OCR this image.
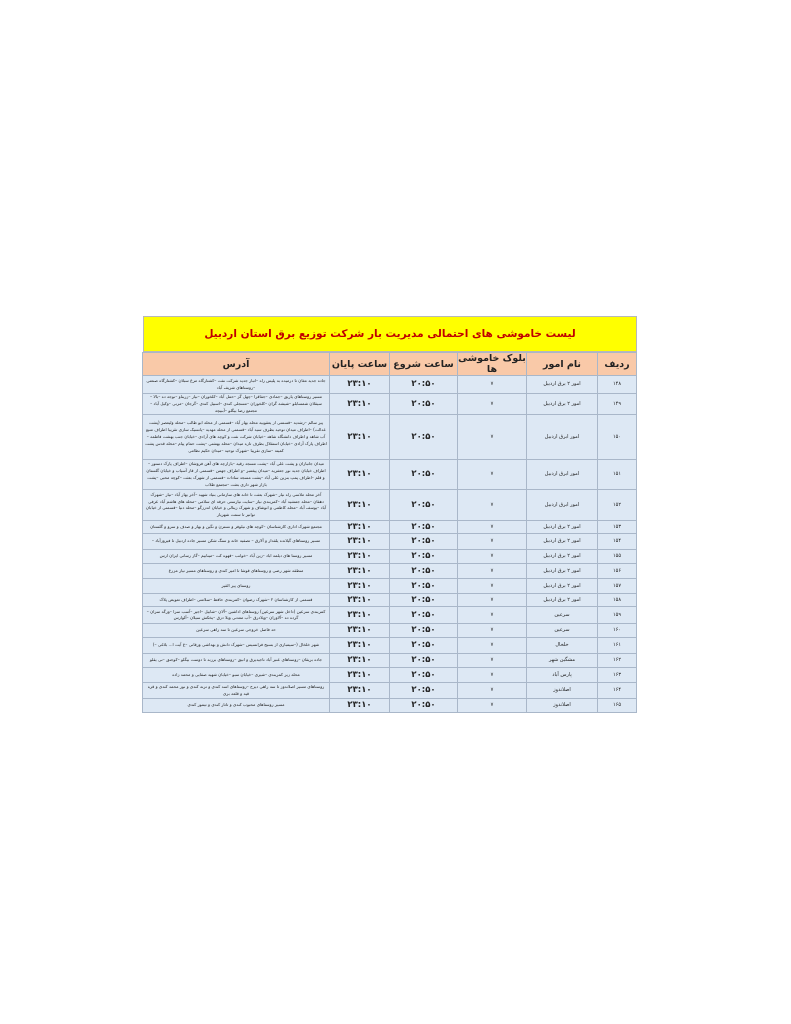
لیست خاموشی های احتمالی مدیریت بار شرکت توزیع برق استان اردبیل
ردیف	نام امور	بلوک خاموشی ها	ساعت شروع	ساعت پایان	آدرس
۱۴۸	امور ۲ برق اردبیل	۷	۲۰:۵۰	۲۳:۱۰	جاده جدید مغان تا درمیده به پلیس راه –انبار جدید شرکت نفت –کشتارگاه مرغ سبلان –کشتارگاه صنعتی –روستاهای شریف آباد
۱۴۹	امور ۲ برق اردبیل	۷	۲۰:۵۰	۲۳:۱۰	مسیر روستاهای یاریق –جمادی –جفاقرا –چهل گز –حمل آباد –کلخوران –نیار –زربناو –نوجه ده –بالا –سیقلان شمسابلو –شیشه گران –کلخوران –مسجلی کندی –اسبیل کندی –گرجان –مرنی –وکیل آباد –مجتمع رضا بیگلو –آببیچه
۱۵۰	امور ابرق اردبیل	۷	۲۰:۵۰	۲۳:۱۰	پیر سالم –رشدیه –قسمتی از یعقوبیه محله بهار آباد –قسمتی از محله ابو طالب –محله ولیعصر (پشت عدالت) –اطراف میدان توحید بطرف سید آباد –قسمتی از محله مهدیه –پانسیک سازی تقریبا اطراف منبع آب شاهد و اطراف دانشگاه شاهد –خیابان شرکت نفت و کوچه های آزادی –خیابان جنب بهشت فاطمه –اطراف پارک آزادی –خیابان استقلال بطرف تازه میدان –محله بهشتی –پشت حمام پیام –محله قدس پشت کمیته –سازی تقریبا –شهرک توحید –میدان حکیم نظامی
۱۵۱	امور ابرق اردبیل	۷	۲۰:۵۰	۲۳:۱۰	میدان جانبازان و پشت علی آباد –پشت مسجد رقیه –بازارچه های آهن فروشان –اطراف پارک دستور –اطراف خیابان جدید نور جعفریه –میدان پیغمبر –و اطراف جهمن –قسمتی از قاز آسیاب و خیابان گلستان و قلم –اطراف پمپ بنزین علی آباد –پشت مسجد سادات –قسمتی از شهرک بعثت –کوچه محبی –پشت بازار شهر داری بعثت –مجتمع طلاب
۱۵۲	امور ابرق اردبیل	۷	۲۰:۵۰	۲۳:۱۰	آخر محله ملاسی راه نیار –شهرک بعثت تا خانه های سازمانی بنیاد شهید –آخر بهار آباد –نیار –شهرک دهقان –محله جمشید آباد –کمربندی نیار –سایت نیارستی حرفه ای سلامی –محله های هاشم آباد عرفی آباد –یوسف آباد –محله کاظمی و انوشاف و شهرک زینالی و خیابان اندرزگو –محله دنیا –قسمتی از خیابان توانیر تا سمت شهریار
۱۵۳	امور ۲ برق اردبیل	۷	۲۰:۵۰	۲۳:۱۰	مجتمع شهرک اداری کارشناسان –کوچه های نیلوفر و نسترن و نگین و بهار و صدف و سرو و گلستان
۱۵۴	امور ۲ برق اردبیل	۷	۲۰:۵۰	۲۳:۱۰	مسیر روستاهای گیلانده یلقدار و آلارق – تصفیه خانه و سنگ شکن مسیر جاده اردبیل تا فیروزآباد –
۱۵۵	امور ۲ برق اردبیل	۷	۲۰:۵۰	۲۳:۱۰	مسیر روستا های دیلمه اباد –زین آباد –خوانب –قهوه کت –مینابیم –گاز رسانی ایران ارس
۱۵۶	امور ۲ برق اردبیل	۷	۲۰:۵۰	۲۳:۱۰	منطقه شهر رضی و روستاهای قوشا تا امیر کندی و روستاهای مسیر نیار مزرع
۱۵۷	امور ۲ برق اردبیل	۷	۲۰:۵۰	۲۳:۱۰	روستای پیر القیر
۱۵۸	امور ۲ برق اردبیل	۷	۲۰:۵۰	۲۳:۱۰	قسمتی از کارشناسان ۲ –شهرک رضوان –کمربندی حافظ –سلامتی –اطراف تعویض پلاک
۱۵۹	سرعین	۷	۲۰:۵۰	۲۳:۱۰	کمربندی سرعین (داخل شهر سرعین) روستاهای اداشین –آلان –شابیل –اجیر –آسب سرا –ورگه سران –گرده ده –آلاوران –ویلادرق –آب معدنی ویلا درق –یخکش سیلان –آلوارس
۱۶۰	سرعین	۷	۲۰:۵۰	۲۳:۱۰	حد فاصل خروجی سرعین تا سه راهی سرعین
۱۶۱	خلخال	۷	۲۰:۵۰	۲۳:۱۰	شهر خلخال (–سیمباری از بسیج فرانسیس –شهرک دانش و بهداشی ورقانی –ع آیت ا... بلاغی –)
۱۶۲	مشگین شهر	۷	۲۰:۵۰	۲۳:۱۰	جاده بریقان –روستاهای عنبر آباد تاجیدیرق و انیق –روستاهای برزند تا دوست بیگلو –کوجنق –نی یقلو
۱۶۳	پارس آباد	۷	۲۰:۵۰	۲۳:۱۰	محله زیر کمربندی –شیری –خیابان سبو –خیابان شهید صفایی و محمد زاده
۱۶۴	اصلاندوز	۷	۲۰:۵۰	۲۳:۱۰	روستاهای مسیر اصلاندوز تا سه راهی دیزج –روستاهای اسد کندی و ترنه کندی و نور محمد کندی و قره قیه و قلعه بری
۱۶۵	اصلاندوز	۷	۲۰:۵۰	۲۳:۱۰	مسیر روستاهای محبوب کندی و تاتار کندی و تیمور کندی
